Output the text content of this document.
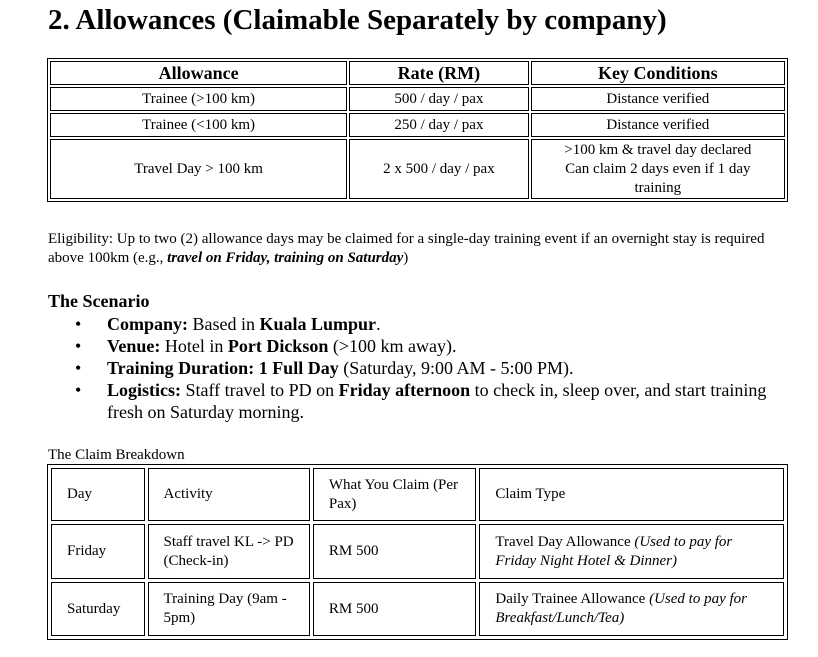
2. Allowances (Claimable Separately by company)
Allowance	Rate (RM)	Key Conditions
Trainee (>100 km)	500 / day / pax	Distance verified
Trainee (<100 km)	250 / day / pax	Distance verified
Travel Day > 100 km	2 x 500 / day / pax	>100 km & travel day declared
Can claim 2 days even if 1 day
training

Eligibility: Up to two (2) allowance days may be claimed for a single-day training event if an overnight stay is required above 100km (e.g., travel on Friday, training on Saturday)

The Scenario
• Company: Based in Kuala Lumpur.
• Venue: Hotel in Port Dickson (>100 km away).
• Training Duration: 1 Full Day (Saturday, 9:00 AM - 5:00 PM).
• Logistics: Staff travel to PD on Friday afternoon to check in, sleep over, and start training fresh on Saturday morning.
The Claim Breakdown
Day	Activity	What You Claim (Per Pax)	Claim Type
Friday	Staff travel KL -> PD (Check-in)	RM 500	Travel Day Allowance (Used to pay for Friday Night Hotel & Dinner)
Saturday	Training Day (9am - 5pm)	RM 500	Daily Trainee Allowance (Used to pay for Breakfast/Lunch/Tea)
